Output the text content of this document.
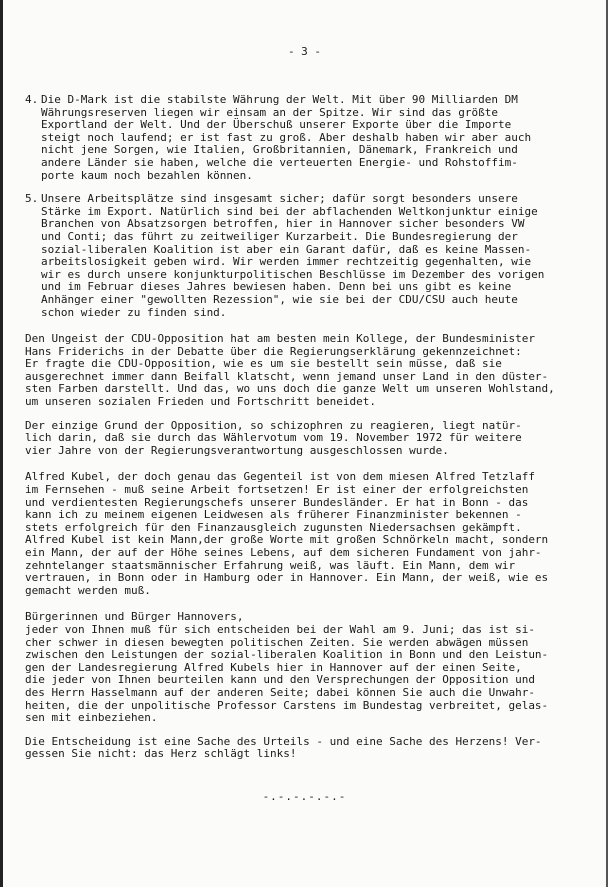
- 3 -
4. Die D-Mark ist die stabilste Währung der Welt. Mit über 90 Milliarden DM
Währungsreserven liegen wir einsam an der Spitze. Wir sind das größte
Exportland der Welt. Und der Überschuß unserer Exporte über die Importe
steigt noch laufend; er ist fast zu groß. Aber deshalb haben wir aber auch
nicht jene Sorgen, wie Italien, Großbritannien, Dänemark, Frankreich und
andere Länder sie haben, welche die verteuerten Energie- und Rohstoffim-
porte kaum noch bezahlen können.
5. Unsere Arbeitsplätze sind insgesamt sicher; dafür sorgt besonders unsere
Stärke im Export. Natürlich sind bei der abflachenden Weltkonjunktur einige
Branchen von Absatzsorgen betroffen, hier in Hannover sicher besonders VW
und Conti; das führt zu zeitweiliger Kurzarbeit. Die Bundesregierung der
sozial-liberalen Koalition ist aber ein Garant dafür, daß es keine Massen-
arbeitslosigkeit geben wird. Wir werden immer rechtzeitig gegenhalten, wie
wir es durch unsere konjunkturpolitischen Beschlüsse im Dezember des vorigen
und im Februar dieses Jahres bewiesen haben. Denn bei uns gibt es keine
Anhänger einer "gewollten Rezession", wie sie bei der CDU/CSU auch heute
schon wieder zu finden sind.
Den Ungeist der CDU-Opposition hat am besten mein Kollege, der Bundesminister
Hans Friderichs in der Debatte über die Regierungserklärung gekennzeichnet:
Er fragte die CDU-Opposition, wie es um sie bestellt sein müsse, daß sie
ausgerechnet immer dann Beifall klatscht, wenn jemand unser Land in den düster-
sten Farben darstellt. Und das, wo uns doch die ganze Welt um unseren Wohlstand,
um unseren sozialen Frieden und Fortschritt beneidet.
Der einzige Grund der Opposition, so schizophren zu reagieren, liegt natür-
lich darin, daß sie durch das Wählervotum vom 19. November 1972 für weitere
vier Jahre von der Regierungsverantwortung ausgeschlossen wurde.
Alfred Kubel, der doch genau das Gegenteil ist von dem miesen Alfred Tetzlaff
im Fernsehen - muß seine Arbeit fortsetzen! Er ist einer der erfolgreichsten
und verdientesten Regierungschefs unserer Bundesländer. Er hat in Bonn - das
kann ich zu meinem eigenen Leidwesen als früherer Finanzminister bekennen -
stets erfolgreich für den Finanzausgleich zugunsten Niedersachsen gekämpft.
Alfred Kubel ist kein Mann,der große Worte mit großen Schnörkeln macht, sondern
ein Mann, der auf der Höhe seines Lebens, auf dem sicheren Fundament von jahr-
zehntelanger staatsmännischer Erfahrung weiß, was läuft. Ein Mann, dem wir
vertrauen, in Bonn oder in Hamburg oder in Hannover. Ein Mann, der weiß, wie es
gemacht werden muß.
Bürgerinnen und Bürger Hannovers,
jeder von Ihnen muß für sich entscheiden bei der Wahl am 9. Juni; das ist si-
cher schwer in diesen bewegten politischen Zeiten. Sie werden abwägen müssen
zwischen den Leistungen der sozial-liberalen Koalition in Bonn und den Leistun-
gen der Landesregierung Alfred Kubels hier in Hannover auf der einen Seite,
die jeder von Ihnen beurteilen kann und den Versprechungen der Opposition und
des Herrn Hasselmann auf der anderen Seite; dabei können Sie auch die Unwahr-
heiten, die der unpolitische Professor Carstens im Bundestag verbreitet, gelas-
sen mit einbeziehen.
Die Entscheidung ist eine Sache des Urteils - und eine Sache des Herzens! Ver-
gessen Sie nicht: das Herz schlägt links!
-.-.-.-.-.-
